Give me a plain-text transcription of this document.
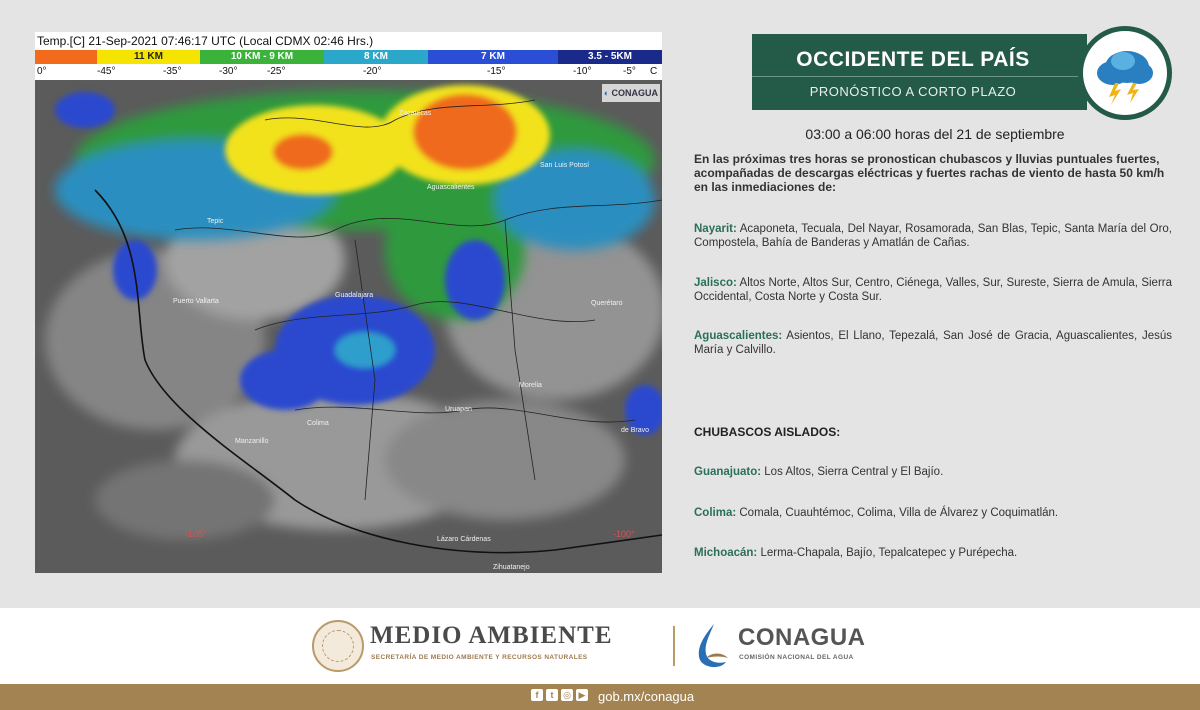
Temp.[C] 21-Sep-2021 07:46:17 UTC (Local CDMX 02:46 Hrs.)
11 KM	10 KM - 9 KM	8 KM	7 KM	3.5 - 5KM
0°	-45°	-35°	-30°	-25°	-20°	-15°	-10°	-5° C
◐ CONAGUA
Zacatecas
Aguascalientes
San Luis Potosí
Tepic
Puerto Vallarta
Guadalajara
Colima
Manzanillo
Uruapan
Morelia
Querétaro
Lázaro Cárdenas
Zihuatanejo
de Bravo
-105°	-100°
OCCIDENTE DEL PAÍS
PRONÓSTICO A CORTO PLAZO
03:00 a 06:00 horas del 21 de septiembre
En las próximas tres horas se pronostican chubascos y lluvias puntuales fuertes, acompañadas de descargas eléctricas y fuertes rachas de viento de hasta 50 km/h en las inmediaciones de:
Nayarit: Acaponeta, Tecuala, Del Nayar, Rosamorada, San Blas, Tepic, Santa María del Oro, Compostela, Bahía de Banderas y Amatlán de Cañas.
Jalisco: Altos Norte, Altos Sur, Centro, Ciénega, Valles, Sur, Sureste, Sierra de Amula, Sierra Occidental, Costa Norte y Costa Sur.
Aguascalientes: Asientos, El Llano, Tepezalá, San José de Gracia, Aguascalientes, Jesús María y Calvillo.
CHUBASCOS AISLADOS:
Guanajuato: Los Altos, Sierra Central y El Bajío.
Colima: Comala, Cuauhtémoc, Colima, Villa de Álvarez y Coquimatlán.
Michoacán: Lerma-Chapala, Bajío, Tepalcatepec y Purépecha.
MEDIO AMBIENTE
SECRETARÍA DE MEDIO AMBIENTE Y RECURSOS NATURALES
CONAGUA
COMISIÓN NACIONAL DEL AGUA
f	t	◎ ▶ gob.mx/conagua
